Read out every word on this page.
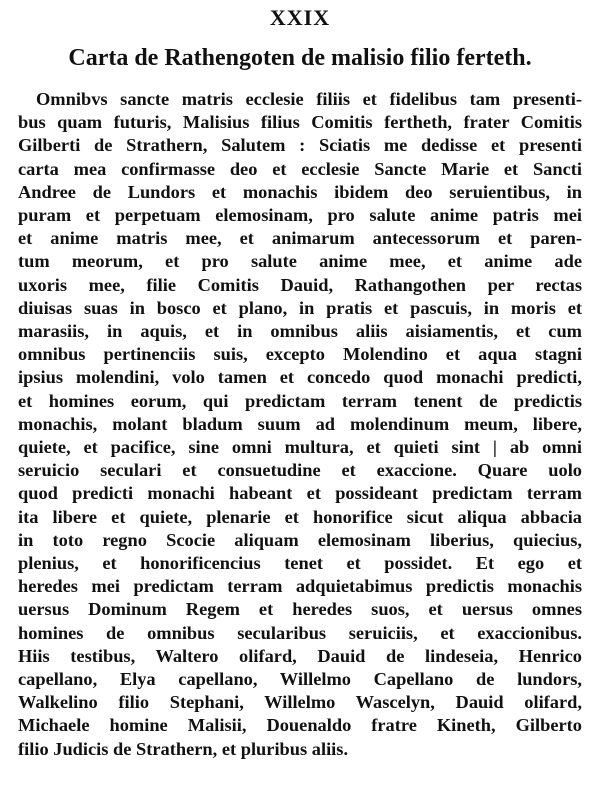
XXIX
Carta de Rathengoten de malisio filio ferteth.
Omnibvs sancte matris ecclesie filiis et fidelibus tam presenti-
bus quam futuris, Malisius filius Comitis fertheth, frater Comitis
Gilberti de Strathern, Salutem : Sciatis me dedisse et presenti
carta mea confirmasse deo et ecclesie Sancte Marie et Sancti
Andree de Lundors et monachis ibidem deo seruientibus, in
puram et perpetuam elemosinam, pro salute anime patris mei
et anime matris mee, et animarum antecessorum et paren-
tum meorum, et pro salute anime mee, et anime ade
uxoris mee, filie Comitis Dauid, Rathangothen per rectas
diuisas suas in bosco et plano, in pratis et pascuis, in moris et
marasiis, in aquis, et in omnibus aliis aisiamentis, et cum
omnibus pertinenciis suis, excepto Molendino et aqua stagni
ipsius molendini, volo tamen et concedo quod monachi predicti,
et homines eorum, qui predictam terram tenent de predictis
monachis, molant bladum suum ad molendinum meum, libere,
quiete, et pacifice, sine omni multura, et quieti sint | ab omni
seruicio seculari et consuetudine et exaccione. Quare uolo
quod predicti monachi habeant et possideant predictam terram
ita libere et quiete, plenarie et honorifice sicut aliqua abbacia
in toto regno Scocie aliquam elemosinam liberius, quiecius,
plenius, et honorificencius tenet et possidet. Et ego et
heredes mei predictam terram adquietabimus predictis monachis
uersus Dominum Regem et heredes suos, et uersus omnes
homines de omnibus secularibus seruiciis, et exaccionibus.
Hiis testibus, Waltero olifard, Dauid de lindeseia, Henrico
capellano, Elya capellano, Willelmo Capellano de lundors,
Walkelino filio Stephani, Willelmo Wascelyn, Dauid olifard,
Michaele homine Malisii, Douenaldo fratre Kineth, Gilberto
filio Judicis de Strathern, et pluribus aliis.
